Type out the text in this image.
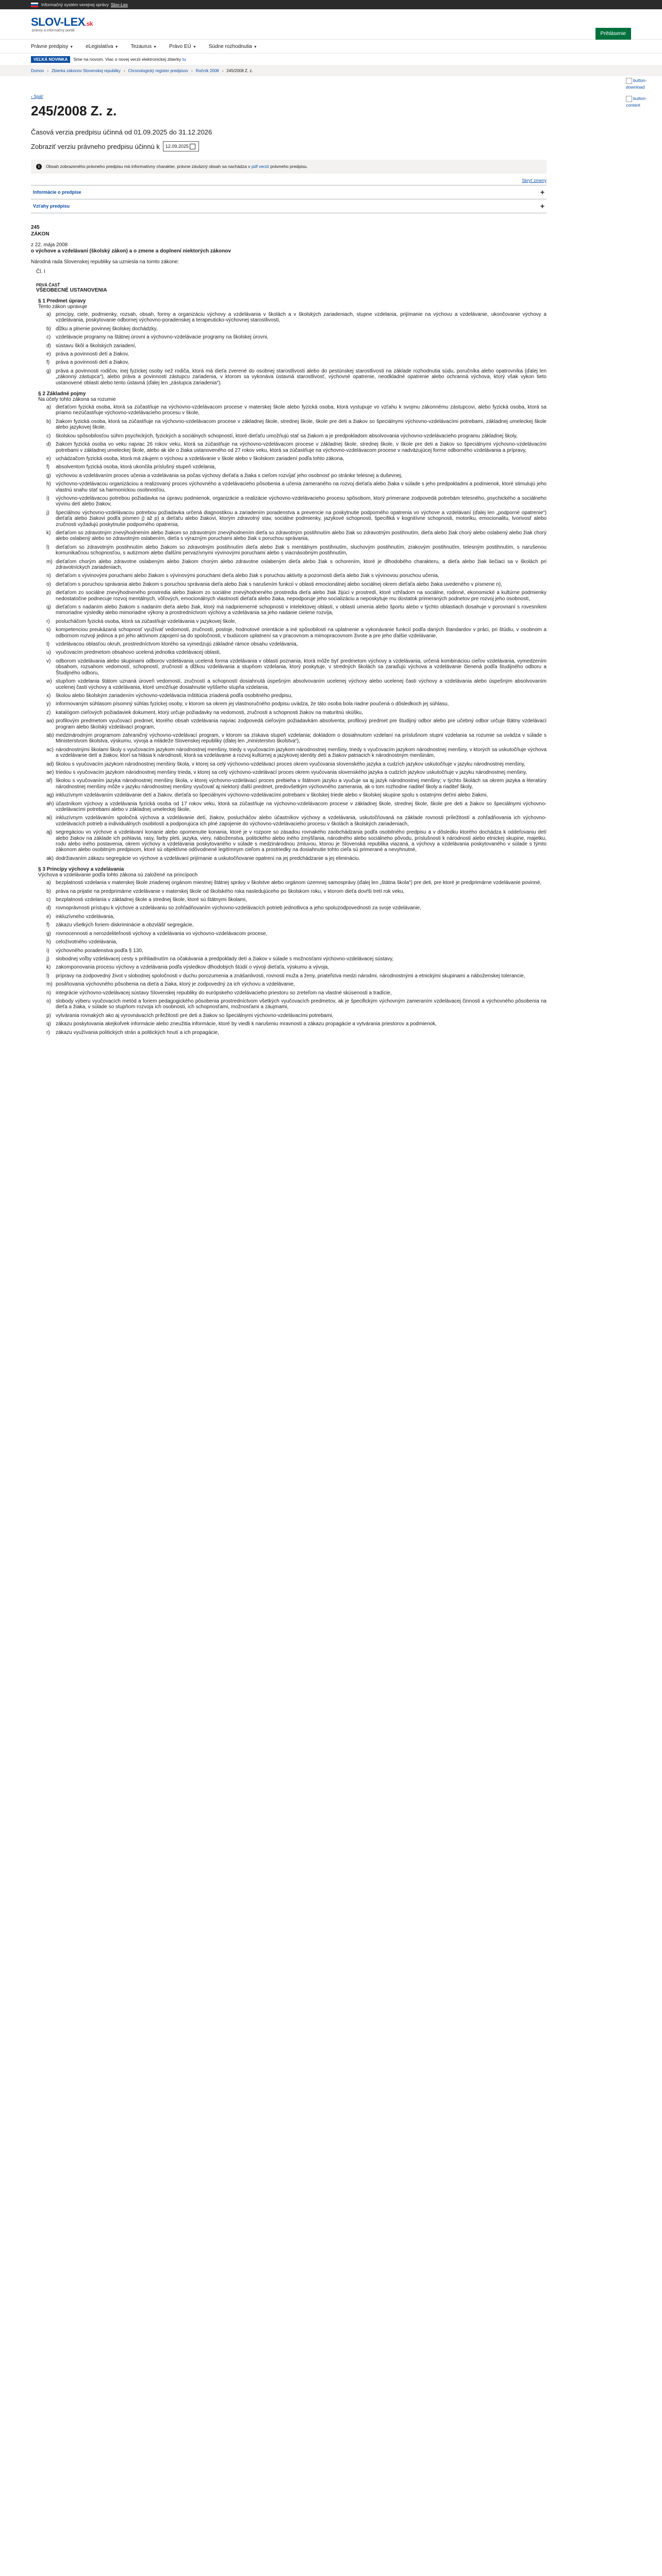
Informačný systém verejnej správy Slov-Lex
SLOV-LEX.sk
právny a informačný portál
Prihlásenie
Právne predpisy ▼ eLegislatíva ▼ Tezaurus ▼ Právo EÚ ▼ Súdne rozhodnutia ▼
VEĽKÁ NOVINKA	Sme na novom. Viac o novej verzii elektronickej zbierky
tu
Domov › Zbierka zákonov Slovenskej republiky › Chronologický register predpisov › Ročník 2008 › 245/2008 Z. z.
‹ Späť
button-download
button-content
245/2008 Z. z.
Časová verzia predpisu účinná od 01.09.2025 do 31.12.2026
Zobraziť verziu právneho predpisu účinnú k 12.09.2025
i	Obsah zobrazeného právneho predpisu má informatívny charakter, právne záväzný obsah sa nachádza v pdf verzii právneho predpisu.
Skryť zmeny
Informácie o predpise	+
Vzťahy predpisu	+
245
ZÁKON
z 22. mája 2008
o výchove a vzdelávaní (školský zákon) a o zmene a doplnení niektorých zákonov
Národná rada Slovenskej republiky sa uzniesla na tomto zákone:
Čl. I
PRVÁ ČASŤ
VŠEOBECNÉ USTANOVENIA
§ 1 Predmet úpravy
Tento zákon upravuje
a) princípy, ciele, podmienky, rozsah, obsah, formy a organizáciu výchovy a vzdelávania v školách a v školských zariadeniach, stupne vzdelania, prijímanie na výchovu a vzdelávanie, ukončovanie výchovy a vzdelávania, poskytovanie odbornej výchovno-poradenskej a terapeuticko-výchovnej starostlivosti,
b) dĺžku a plnenie povinnej školskej dochádzky,
c) vzdelávacie programy na štátnej úrovni a výchovno-vzdelávacie programy na školskej úrovni,
d) sústavu škôl a školských zariadení,
e) práva a povinnosti detí a žiakov,
f)	práva a povinnosti detí a žiakov,
g) práva a povinnosti rodičov, inej fyzickej osoby než rodiča, ktorá má dieťa zverené do osobnej starostlivosti alebo do pestúnskej starostlivosti na základe rozhodnutia súdu, poručníka alebo opatrovníka (ďalej len „zákonný zástupca“), alebo práva a povinnosti zástupcu zariadenia, v ktorom sa vykonáva ústavná starostlivosť, výchovné opatrenie, neodkladné opatrenie alebo ochranná výchova, ktorý však vykon tieto ustanovené oblasti alebo tento ústavná (ďalej len „zástupca zariadenia“).
§ 2 Základné pojmy
Na účely tohto zákona sa rozumie
a) dieťaťom fyzická osoba, ktorá sa zúčastňuje na výchovno-vzdelávacom procese v materskej škole alebo fyzická osoba, ktorá vystupuje vo vzťahu k svojmu zákonnému zástupcovi, alebo fyzická osoba, ktorá sa priamo nezúčastňuje výchovno-vzdelávacieho procesu v škole,
b) žiakom fyzická osoba, ktorá sa zúčastňuje na výchovno-vzdelávacom procese v základnej škole, strednej škole, škole pre deti a žiakov so špeciálnymi výchovno-vzdelávacími potrebami, základnej umeleckej škole alebo jazykovej škole,
c) školskou spôsobilosťou súhrn psychických, fyzických a sociálnych schopností, ktoré dieťaťu umožňujú stať sa žiakom a je predpokladom absolvovania výchovno-vzdelávacieho programu základnej školy,
d) žiakom fyzická osoba vo veku najviac 26 rokov veku, ktorá sa zúčastňuje na výchovno-vzdelávacom procese v základnej škole, strednej škole, v škole pre deti a žiakov so špeciálnymi výchovno-vzdelávacími potrebami v základnej umeleckej škole, alebo ak ide o žiaka ustanoveného od 27 rokov veku, ktorá sa zúčastňuje na výchovno-vzdelávacom procese v nadväzujúcej forme odborného vzdelávania a prípravy,
e) uchádzačom fyzická osoba, ktorá má záujem o výchovu a vzdelávanie v škole alebo v školskom zariadení podľa tohto zákona,
f)	absolventom fyzická osoba, ktorá ukončila príslušný stupeň vzdelania,
g) výchovou a vzdelávaním proces učenia a vzdelávania sa počas výchovy dieťaťa a žiaka s cieľom rozvíjať jeho osobnosť po stránke telesnej a duševnej,
h) výchovno-vzdelávacou organizáciou a realizovaný proces výchovného a vzdelávacieho pôsobenia a učenia zameraného na rozvoj dieťaťa alebo žiaka v súlade s jeho predpokladmi a podmienok, ktoré stimulujú jeho vlastnú snahu stať sa harmonickou osobnosťou,
i)	výchovno-vzdelávacou potrebou požiadavka na úpravu podmienok, organizácie a realizácie výchovno-vzdelávacieho procesu spôsobom, ktorý primerane zodpovedá potrebám telesného, psychického a sociálneho vývinu detí alebo žiakov,
j)	špeciálnou výchovno-vzdelávacou potrebou požiadavka určená diagnostikou a zariadením poradenstva a prevencie na poskytnutie podporného opatrenia vo výchove a vzdelávaní (ďalej len „podporné opatrenie“) dieťaťa alebo žiakovi podľa písmen j) až p) a dieťaťu alebo žiakovi, ktorým zdravotný stav, sociálne podmienky, jazykové schopnosti, špecifiká v kognitívne schopnosti, motoriku, emocionalitu, tvorivosť alebo zručnosti vyžadujú poskytnutie podporného opatrenia,
k) dieťaťom so zdravotným znevýhodnením alebo žiakom so zdravotným znevýhodnením dieťa so zdravotným postihnutím alebo žiak so zdravotným postihnutím, dieťa alebo žiak chorý alebo oslabený alebo žiak chorý alebo oslabený alebo so zdravotným oslabením, dieťa s výrazným poruchami alebo žiak s poruchou správania,
l)	dieťaťom so zdravotným postihnutím alebo žiakom so zdravotným postihnutím dieťa alebo žiak s mentálnym postihnutím, sluchovým postihnutím, zrakovým postihnutím, telesným postihnutím, s narušenou komunikačnou schopnosťou, s autizmom alebo ďalšími pervazívnymi vývinovými poruchami alebo s viacnásobným postihnutím,
m) dieťaťom chorým alebo zdravotne oslabeným alebo žiakom chorým alebo zdravotne oslabeným dieťa alebo žiak s ochorením, ktoré je dlhodobého charakteru, a dieťa alebo žiak liečiaci sa v školách pri zdravotníckych zariadeniach,
n) dieťaťom s vývinovými poruchami alebo žiakom s vývinovými poruchami dieťa alebo žiak s poruchou aktivity a pozornosti dieťa alebo žiak s vývinovou poruchou učenia,
o) dieťaťom s poruchou správania alebo žiakom s poruchou správania dieťa alebo žiak s narušením funkcií v oblasti emocionálnej alebo sociálnej okrem dieťaťa alebo žiaka uvedeného v písmene n),
p) dieťaťom zo sociálne znevýhodneného prostredia alebo žiakom zo sociálne znevýhodneného prostredia dieťa alebo žiak žijúci v prostredí, ktoré vzhľadom na sociálne, rodinné, ekonomické a kultúrne podmienky nedostatočne podnecuje rozvoj mentálnych, vôľových, emocionálnych vlastností dieťaťa alebo žiaka, nepodporuje jeho socializáciu a neposkytuje mu dostatok primeraných podnetov pre rozvoj jeho osobnosti,
q) dieťaťom s nadaním alebo žiakom s nadaním dieťa alebo žiak, ktorý má nadpriemerné schopnosti v intelektovej oblasti, v oblasti umenia alebo športu alebo v týchto oblastiach dosahuje v porovnaní s rovesníkmi mimoriadne výsledky alebo mimoriadne výkony a prostredníctvom výchovy a vzdelávania sa jeho nadanie cielene rozvíja,
r)	poslucháčom fyzická osoba, ktorá sa zúčastňuje vzdelávania v jazykovej škole,
s) kompetenciou preukázaná schopnosť využívať vedomosti, zručnosti, postoje, hodnotové orientácie a iné spôsobilosti na uplatnenie a vykonávanie funkcií podľa daných štandardov v práci, pri štúdiu, v osobnom a odbornom rozvoji jedinca a pri jeho aktívnom zapojení sa do spoločnosti, v budúcom uplatnení sa v pracovnom a mimopracovnom živote a pre jeho ďalšie vzdelávanie,
t)	vzdelávacou oblasťou okruh, prostredníctvom ktorého sa vymedzujú základné rámce obsahu vzdelávania,
u) vyučovacím predmetom obsahovo ucelená jednotka vzdelávacej oblasti,
v) odborom vzdelávania alebo skupinami odborov vzdelávania ucelená forma vzdelávania v oblasti poznania, ktorá môže byť predmetom výchovy a vzdelávania, určená kombináciou cieľov vzdelávania, vymedzením obsahom, rozsahom vedomostí, schopností, zručností a dĺžkou vzdelávania a stupňom vzdelania, ktorý poskytuje, v stredných školách sa zaraďujú výchova a vzdelávanie členená podľa študijného odboru a Študijného odboru,
w) stupňom vzdelania štátom uznaná úroveň vedomostí, zručností a schopností dosiahnutá úspešným absolvovaním ucelenej výchovy alebo ucelenej časti výchovy a vzdelávania alebo úspešným absolvovaním ucelenej časti výchovy a vzdelávania, ktoré umožňuje dosiahnutie vyššieho stupňa vzdelania,
x) školou alebo školským zariadením výchovno-vzdelávacia inštitúcia zriadená podľa osobitného predpisu,
y) informovaným súhlasom písomný súhlas fyzickej osoby, v ktorom sa okrem jej vlastnoručného podpisu uvádza, že táto osoba bola riadne poučená o dôsledkoch jej súhlasu,
z) katalógom cieľových požiadaviek dokument, ktorý určuje požiadavky na vedomosti, zručnosti a schopnosti žiakov na maturitnú skúšku,
aa) profilovým predmetom vyučovací predmet, ktorého obsah vzdelávania najviac zodpovedá cieľovým požiadavkám absolventa; profilový predmet pre študijný odbor alebo pre učebný odbor určuje štátny vzdelávací program alebo školský vzdelávací program,
ab) medzinárodným programom zahraničný výchovno-vzdelávací program, v ktorom sa získava stupeň vzdelania; dokladom o dosiahnutom vzdelaní na príslušnom stupni vzdelania sa rozumie sa uvádza v súlade s Ministerstvom školstva, výskumu, vývoja a mládeže Slovenskej republiky (ďalej len „ministerstvo školstva“),
ac) národnostnými školami školy s vyučovacím jazykom národnostnej menšiny, triedy s vyučovacím jazykom národnostnej menšiny, triedy s vyučovacím jazykom národnostnej menšiny, v ktorých sa uskutočňuje výchova a vzdelávanie detí a žiakov, ktorí sa hlásia k národnosti, ktorá sa vzdelávanie a rozvoj kultúrnej a jazykovej identity detí a žiakov patriacich k národnostným menšinám,
ad) školou s vyučovacím jazykom národnostnej menšiny škola, v ktorej sa celý výchovno-vzdelávací proces okrem vyučovania slovenského jazyka a cudzích jazykov uskutočňuje v jazyku národnostnej menšiny,
ae) triedou s vyučovacím jazykom národnostnej menšiny trieda, v ktorej sa celý výchovno-vzdelávací proces okrem vyučovania slovenského jazyka a cudzích jazykov uskutočňuje v jazyku národnostnej menšiny,
af) školou s vyučovaním jazyka národnostnej menšiny škola, v ktorej výchovno-vzdelávací proces prebieha v štátnom jazyku a vyučuje sa aj jazyk národnostnej menšiny; v týchto školách sa okrem jazyka a literatúry národnostnej menšiny môže v jazyku národnostnej menšiny vyučovať aj niektorý ďalší predmet, predovšetkým výchovného zamerania, ak o tom rozhodne riaditeľ školy a riaditeľ školy,
ag) inkluzívnym vzdelávaním vzdelávanie detí a žiakov, dieťaťa so špeciálnymi výchovno-vzdelávacími potrebami v školskej triede alebo v školskej skupine spolu s ostatnými deťmi alebo žiakmi,
ah) účastníkom výchovy a vzdelávania fyzická osoba od 17 rokov veku, ktorá sa zúčastňuje na výchovno-vzdelávacom procese v základnej škole, strednej škole, škole pre deti a žiakov so špeciálnymi výchovno-vzdelávacími potrebami alebo v základnej umeleckej škole,
ai) inkluzívnym vzdelávaním spoločná výchova a vzdelávanie detí, žiakov, poslucháčov alebo účastníkov výchovy a vzdelávania, uskutočňovaná na základe rovnosti príležitostí a zohľadňovania ich výchovno-vzdelávacích potrieb a individuálnych osobitostí a podporujúca ich plné zapojenie do výchovno-vzdelávacieho procesu v školách a školských zariadeniach,
aj) segregáciou vo výchove a vzdelávaní konanie alebo opomenutie konania, ktoré je v rozpore so zásadou rovnakého zaobchádzania podľa osobitného predpisu a v dôsledku ktorého dochádza k oddeľovaniu detí alebo žiakov na základe ich pohlavia, rasy, farby pleti, jazyka, viery, náboženstva, politického alebo iného zmýšľania, národného alebo sociálneho pôvodu, príslušnosti k národnosti alebo etnickej skupine, majetku, rodu alebo iného postavenia, okrem výchovy a vzdelávania poskytovaného v súlade s medzinárodnou zmluvou, ktorou je Slovenská republika viazaná, a výchovy a vzdelávania poskytovaného v súlade s týmto zákonom alebo osobitným predpisom, ktoré sú objektívne odôvodnené legitímnym cieľom a prostriedky na dosiahnutie tohto cieľa sú primerané a nevyhnutné,
ak) dodržiavaním zákazu segregácie vo výchove a vzdelávaní prijímanie a uskutočňovanie opatrení na jej predchádzanie a jej elimináciu.
§ 3 Princípy výchovy a vzdelávania
Výchova a vzdelávanie podľa tohto zákona sú založené na princípoch
a) bezplatnosti vzdelania v materskej škole zriadenej orgánom miestnej štátnej správy v školstve alebo orgánom územnej samosprávy (ďalej len „štátna škola“) pre deti, pre ktoré je predprimárne vzdelávanie povinné,
b) práva na prijatie na predprimárne vzdelávanie v materskej škole od školského roka nasledujúceho po školskom roku, v ktorom dieťa dovŕši tretí rok veku,
c) bezplatnosti vzdelania v základnej škole a strednej škole, ktoré sú štátnymi školami,
d) rovnoprávnosti prístupu k výchove a vzdelávaniu so zohľadňovaním výchovno-vzdelávacích potrieb jednotlivca a jeho spoluzodpovednosti za svoje vzdelávanie,
e) inkluzívneho vzdelávania,
f)	zákazu všetkých foriem diskriminácie a obzvlášť segregácie,
g) rovnocennosti a nerozdeliteľnosti výchovy a vzdelávania vo výchovno-vzdelávacom procese,
h) celoživotného vzdelávania,
i)	výchovného poradenstva podľa § 130,
j)	slobodnej voľby vzdelávacej cesty s prihliadnutím na očakávania a predpoklady detí a žiakov v súlade s možnosťami výchovno-vzdelávacej sústavy,
k) zakomponovania procesu výchovy a vzdelávania podľa výsledkov dlhodobých štúdií o vývoji dieťaťa, výskumu a vývoja,
l)	prípravy na zodpovedný život v slobodnej spoločnosti v duchu porozumenia a znášanlivosti, rovnosti muža a ženy, priateľstva medzi národmi, národnostnými a etnickými skupinami a náboženskej tolerancie,
m) posilňovania výchovného pôsobenia na dieťa a žiaka, ktorý je zodpovedný za ich výchovu a vzdelávanie,
n) integrácie výchovno-vzdelávacej sústavy Slovenskej republiky do európskeho vzdelávacieho priestoru so zreteľom na vlastné skúsenosti a tradície,
o) slobody výberu vyučovacích metód a foriem pedagogického pôsobenia prostredníctvom všetkých vyučovacích predmetov, ak je špecifickým výchovným zameraním vzdelávacej činnosti a výchovného pôsobenia na dieťa a žiaka, v súlade so stupňom rozvoja ich osobnosti, ich schopnosťami, možnosťami a záujmami,
p) vytvárania rovnakých ako aj vyrovnávacích príležitostí pre deti a žiakov so špeciálnymi výchovno-vzdelávacími potrebami,
q) zákazu poskytovania akejkoľvek informácie alebo zneužitia informácie, ktoré by viedli k narušeniu mravnosti a zákazu propagácie a vytvárania priestorov a podmienok,
r)	zákazu využívania politických strán a politických hnutí a ich propagácie,
